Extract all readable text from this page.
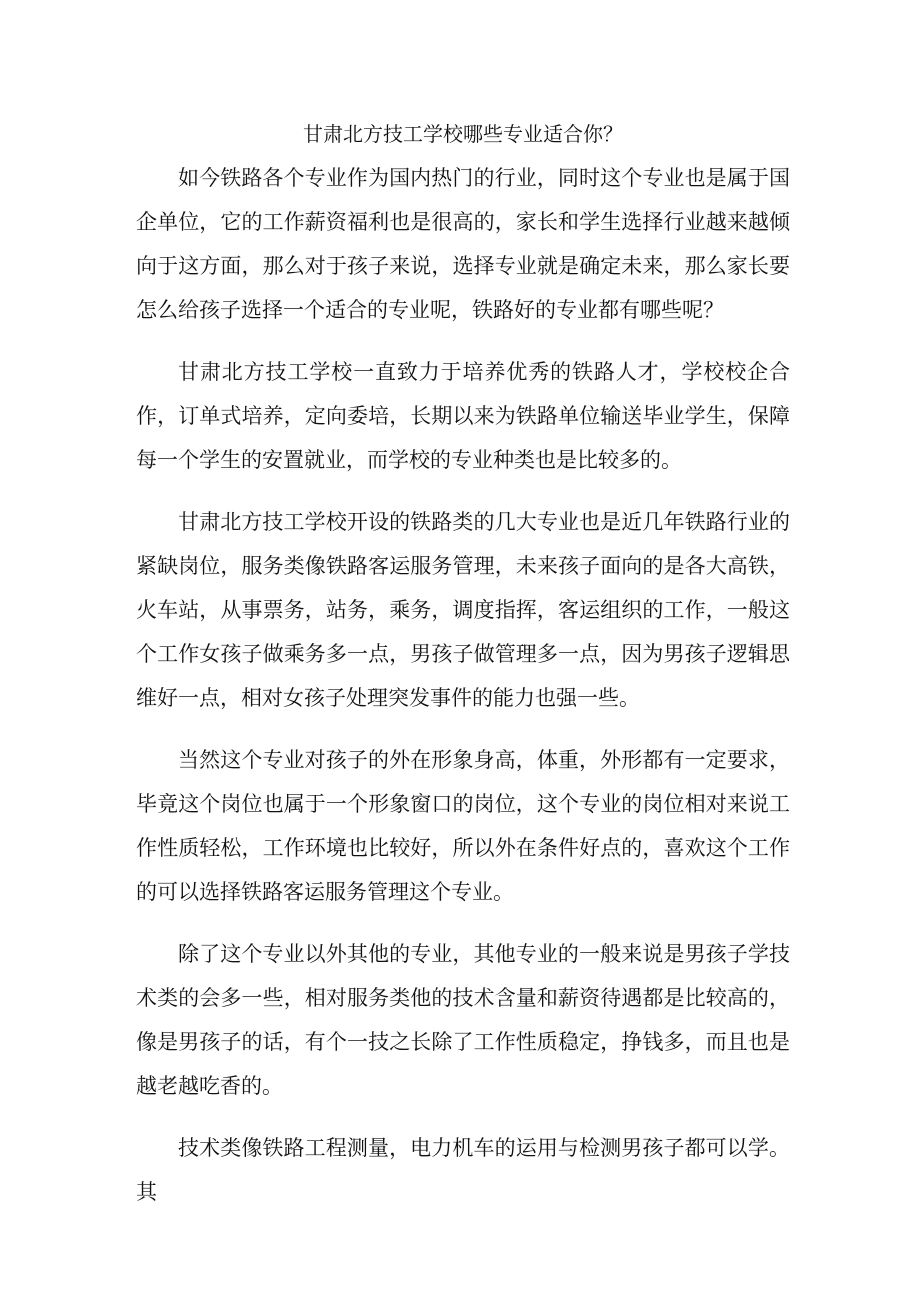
甘肃北方技工学校哪些专业适合你？

如今铁路各个专业作为国内热门的行业，同时这个专业也是属于国企单位，它的工作薪资福利也是很高的，家长和学生选择行业越来越倾向于这方面，那么对于孩子来说，选择专业就是确定未来，那么家长要怎么给孩子选择一个适合的专业呢，铁路好的专业都有哪些呢？

甘肃北方技工学校一直致力于培养优秀的铁路人才，学校校企合作，订单式培养，定向委培，长期以来为铁路单位输送毕业学生，保障每一个学生的安置就业，而学校的专业种类也是比较多的。

甘肃北方技工学校开设的铁路类的几大专业也是近几年铁路行业的紧缺岗位，服务类像铁路客运服务管理，未来孩子面向的是各大高铁，火车站，从事票务，站务，乘务，调度指挥，客运组织的工作，一般这个工作女孩子做乘务多一点，男孩子做管理多一点，因为男孩子逻辑思维好一点，相对女孩子处理突发事件的能力也强一些。

当然这个专业对孩子的外在形象身高，体重，外形都有一定要求，毕竟这个岗位也属于一个形象窗口的岗位，这个专业的岗位相对来说工作性质轻松，工作环境也比较好，所以外在条件好点的，喜欢这个工作的可以选择铁路客运服务管理这个专业。

除了这个专业以外其他的专业，其他专业的一般来说是男孩子学技术类的会多一些，相对服务类他的技术含量和薪资待遇都是比较高的，像是男孩子的话，有个一技之长除了工作性质稳定，挣钱多，而且也是越老越吃香的。

技术类像铁路工程测量，电力机车的运用与检测男孩子都可以学。其
